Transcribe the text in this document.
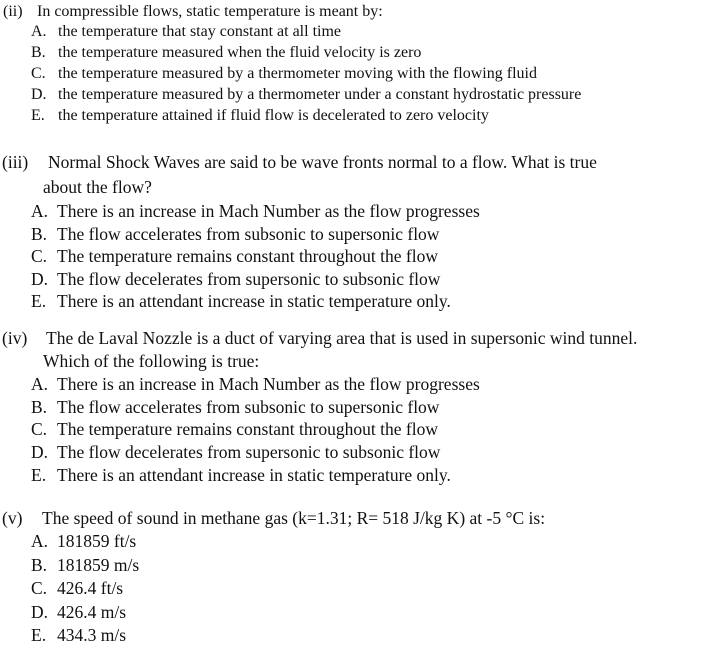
(ii) In compressible flows, static temperature is meant by:
A. the temperature that stay constant at all time
B. the temperature measured when the fluid velocity is zero
C. the temperature measured by a thermometer moving with the flowing fluid
D. the temperature measured by a thermometer under a constant hydrostatic pressure
E. the temperature attained if fluid flow is decelerated to zero velocity
(iii) Normal Shock Waves are said to be wave fronts normal to a flow. What is true
about the flow?
A. There is an increase in Mach Number as the flow progresses
B. The flow accelerates from subsonic to supersonic flow
C. The temperature remains constant throughout the flow
D. The flow decelerates from supersonic to subsonic flow
E. There is an attendant increase in static temperature only.
(iv) The de Laval Nozzle is a duct of varying area that is used in supersonic wind tunnel.
Which of the following is true:
A. There is an increase in Mach Number as the flow progresses
B. The flow accelerates from subsonic to supersonic flow
C. The temperature remains constant throughout the flow
D. The flow decelerates from supersonic to subsonic flow
E. There is an attendant increase in static temperature only.
(v) The speed of sound in methane gas (k=1.31; R= 518 J/kg K) at -5 °C is:
A. 181859 ft/s
B. 181859 m/s
C. 426.4 ft/s
D. 426.4 m/s
E. 434.3 m/s
